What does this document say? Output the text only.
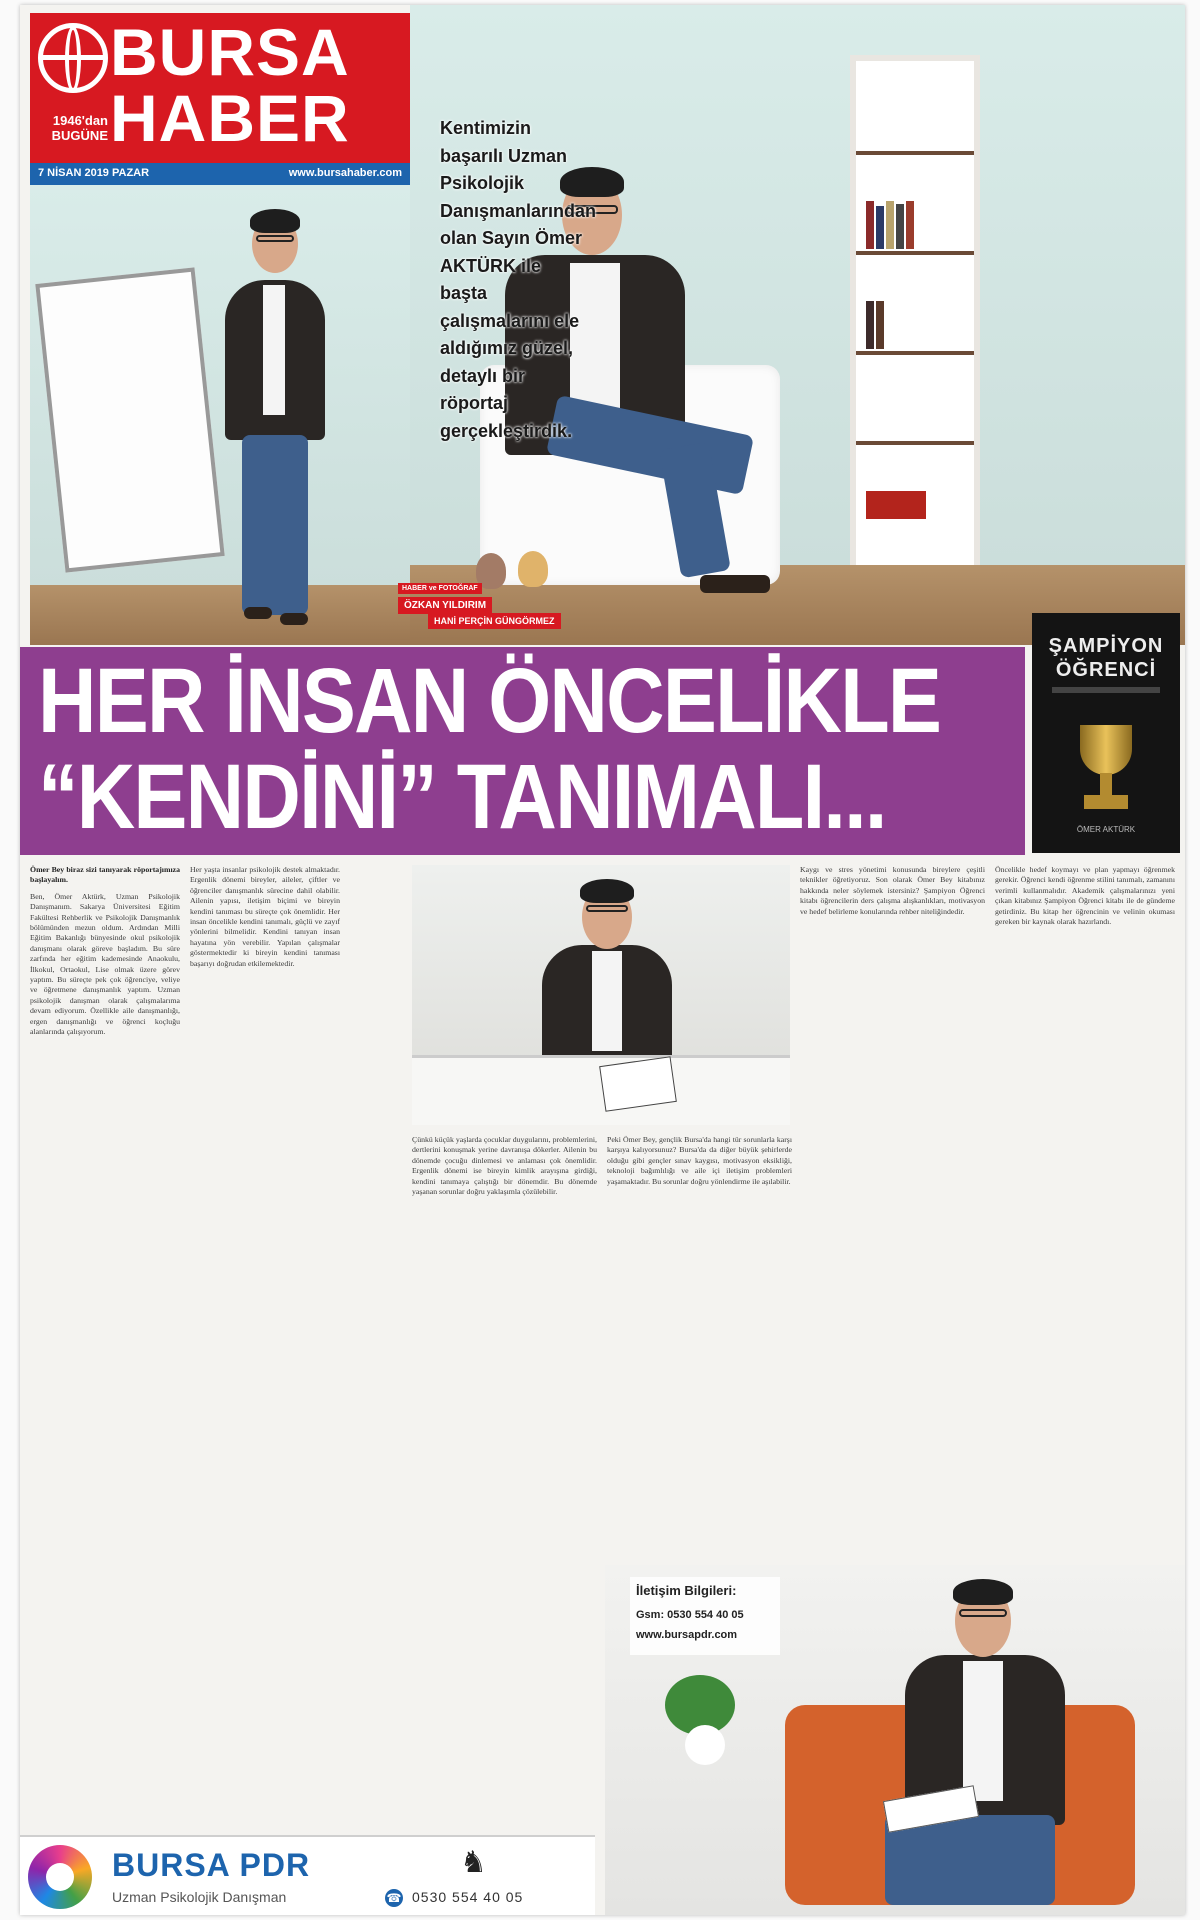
BURSA
HABER
1946'dan BUGÜNE
7 NİSAN 2019 PAZAR	www.bursahaber.com
Kentimizin başarılı Uzman Psikolojik Danışmanlarından olan Sayın Ömer AKTÜRK ile başta çalışmalarını ele aldığımız güzel, detaylı bir röportaj gerçekleştirdik.
HABER ve FOTOĞRAF
ÖZKAN YILDIRIM
HANİ PERÇİN GÜNGÖRMEZ
HER İNSAN ÖNCELİKLE
“KENDİNİ” TANIMALI...
ŞAMPİYON
ÖĞRENCİ
ÖMER AKTÜRK
Ömer Bey biraz sizi tanıyarak röportajımıza başlayalım.

Ben, Ömer Aktürk, Uzman Psikolojik Danışmanım. Sakarya Üniversitesi Eğitim Fakültesi Rehberlik ve Psikolojik Danışmanlık bölümünden mezun oldum. Ardından Milli Eğitim Bakanlığı bünyesinde okul psikolojik danışmanı olarak göreve başladım. Bu süre zarfında her eğitim kademesinde Anaokulu, İlkokul, Ortaokul, Lise olmak üzere görev yaptım. Bu süreçte pek çok öğrenciye, veliye ve öğretmene danışmanlık yaptım. Uzman psikolojik danışman olarak çalışmalarıma devam ediyorum. Özellikle aile danışmanlığı, ergen danışmanlığı ve öğrenci koçluğu alanlarında çalışıyorum.

Her yaşta insanlar psikolojik destek almaktadır. Ergenlik dönemi bireyler, aileler, çiftler ve öğrenciler danışmanlık sürecine dahil olabilir. Ailenin yapısı, iletişim biçimi ve bireyin kendini tanıması bu süreçte çok önemlidir. Her insan öncelikle kendini tanımalı, güçlü ve zayıf yönlerini bilmelidir. Kendini tanıyan insan hayatına yön verebilir. Yapılan çalışmalar göstermektedir ki bireyin kendini tanıması başarıyı doğrudan etkilemektedir.

Çünkü küçük yaşlarda çocuklar duygularını, problemlerini, dertlerini konuşmak yerine davranışa dökerler. Ailenin bu dönemde çocuğu dinlemesi ve anlaması çok önemlidir. Ergenlik dönemi ise bireyin kimlik arayışına girdiği, kendini tanımaya çalıştığı bir dönemdir. Bu dönemde yaşanan sorunlar doğru yaklaşımla çözülebilir.

Peki Ömer Bey, gençlik Bursa'da hangi tür sorunlarla karşı karşıya kalıyorsunuz? Bursa'da da diğer büyük şehirlerde olduğu gibi gençler sınav kaygısı, motivasyon eksikliği, teknoloji bağımlılığı ve aile içi iletişim problemleri yaşamaktadır. Bu sorunlar doğru yönlendirme ile aşılabilir.

Kaygı ve stres yönetimi konusunda bireylere çeşitli teknikler öğretiyoruz. Son olarak Ömer Bey kitabınız hakkında neler söylemek istersiniz? Şampiyon Öğrenci kitabı öğrencilerin ders çalışma alışkanlıkları, motivasyon ve hedef belirleme konularında rehber niteliğindedir.

Öncelikle hedef koymayı ve plan yapmayı öğrenmek gerekir. Öğrenci kendi öğrenme stilini tanımalı, zamanını verimli kullanmalıdır. Akademik çalışmalarınızı yeni çıkan kitabınız Şampiyon Öğrenci kitabı ile de gündeme getirdiniz. Bu kitap her öğrencinin ve velinin okuması gereken bir kaynak olarak hazırlandı.

İletişim Bilgileri:
Gsm: 0530 554 40 05
www.bursapdr.com
BURSA PDR
Uzman Psikolojik Danışman
♞
☎ 0530 554 40 05
